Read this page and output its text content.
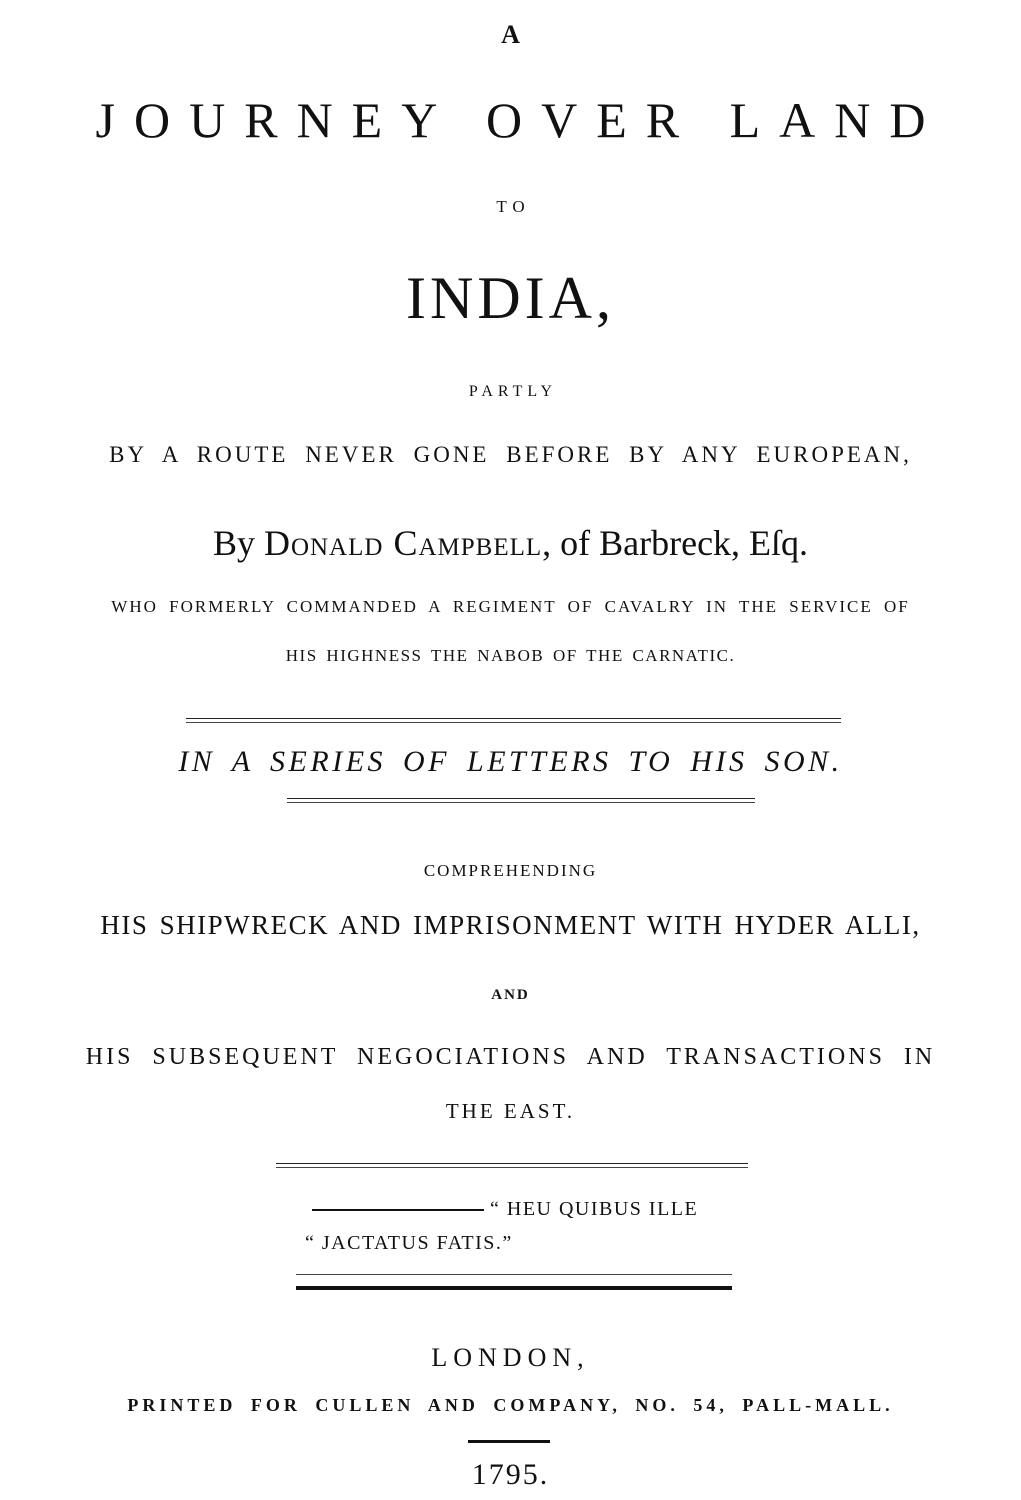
A
JOURNEY OVER LAND
TO
INDIA,
PARTLY
BY A ROUTE NEVER GONE BEFORE BY ANY EUROPEAN,
By Donald Campbell, of Barbreck, Eſq.
WHO FORMERLY COMMANDED A REGIMENT OF CAVALRY IN THE SERVICE OF
HIS HIGHNESS THE NABOB OF THE CARNATIC.
IN A SERIES OF LETTERS TO HIS SON.
COMPREHENDING
HIS SHIPWRECK AND IMPRISONMENT WITH HYDER ALLI,
AND
HIS SUBSEQUENT NEGOCIATIONS AND TRANSACTIONS IN
THE EAST.
“ HEU QUIBUS ILLE
“ JACTATUS FATIS.”
LONDON,
PRINTED FOR CULLEN AND COMPANY, NO. 54, PALL-MALL.
1795.
